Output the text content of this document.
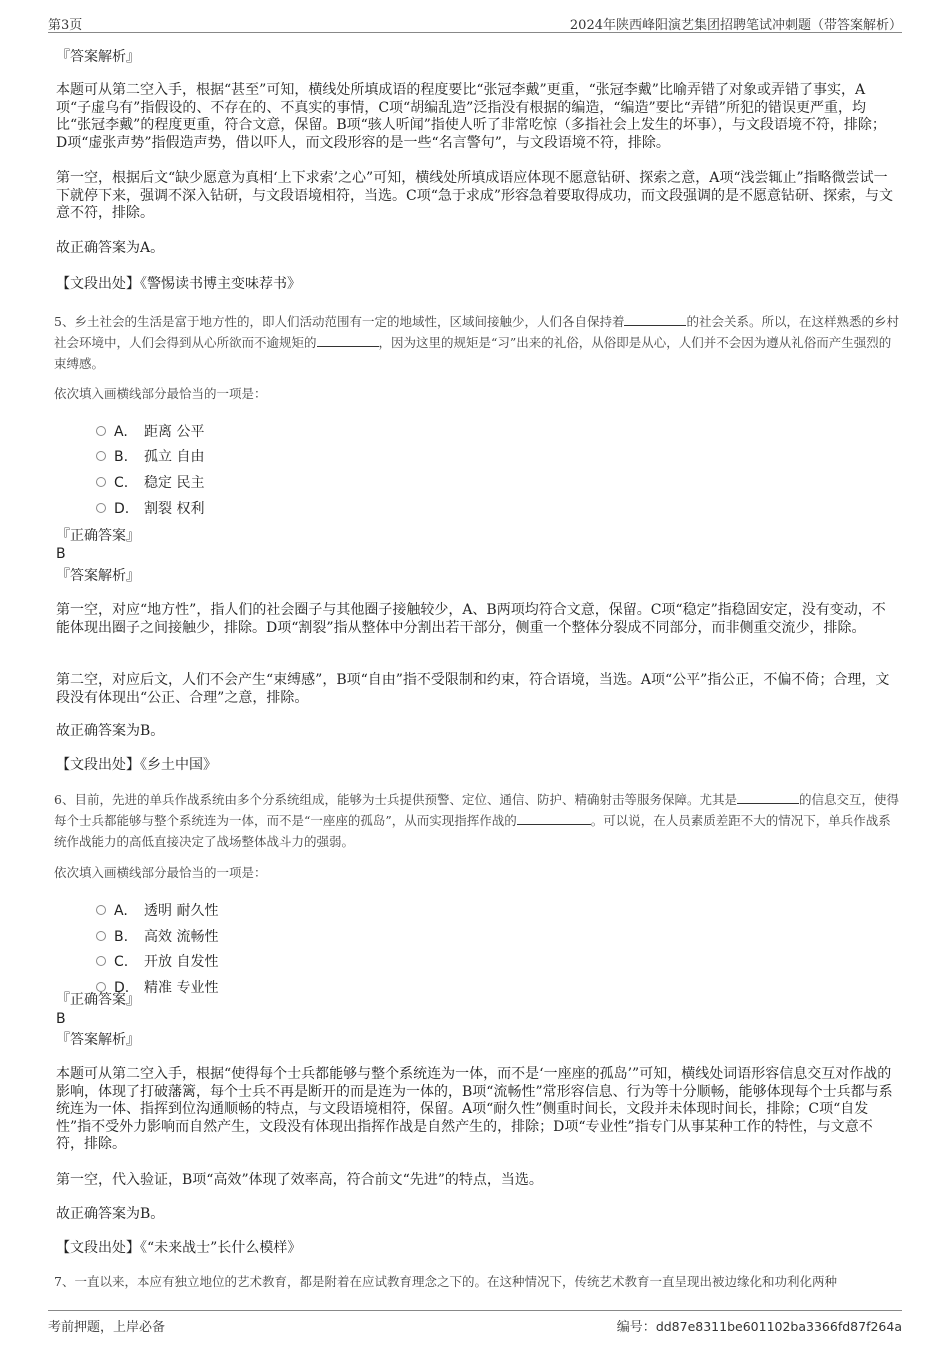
第3页	2024年陕西峰阳演艺集团招聘笔试冲刺题（带答案解析）
『答案解析』

本题可从第二空入手，根据“甚至”可知，横线处所填成语的程度要比“张冠李戴”更重，“张冠李戴”比喻弄错了对象或弄错了事实，A项“子虚乌有”指假设的、不存在的、不真实的事情，C项“胡编乱造”泛指没有根据的编造，“编造”要比“弄错”所犯的错误更严重，均比“张冠李戴”的程度更重，符合文意，保留。B项“骇人听闻”指使人听了非常吃惊（多指社会上发生的坏事），与文段语境不符，排除；D项“虚张声势”指假造声势，借以吓人，而文段形容的是一些“名言警句”，与文段语境不符，排除。

第一空，根据后文“缺少愿意为真相‘上下求索’之心”可知，横线处所填成语应体现不愿意钻研、探索之意，A项“浅尝辄止”指略微尝试一下就停下来，强调不深入钻研，与文段语境相符，当选。C项“急于求成”形容急着要取得成功，而文段强调的是不愿意钻研、探索，与文意不符，排除。

故正确答案为A。
【文段出处】《警惕读书博主变味荐书》
5、乡土社会的生活是富于地方性的，即人们活动范围有一定的地域性，区域间接触少，人们各自保持着	的社会关系。所以，在这样熟悉的乡村社会环境中，人们会得到从心所欲而不逾规矩的	，因为这里的规矩是“习”出来的礼俗，从俗即是从心，人们并不会因为遵从礼俗而产生强烈的束缚感。
依次填入画横线部分最恰当的一项是：
A. 距离 公平
B. 孤立 自由
C. 稳定 民主
D. 割裂 权利
『正确答案』
B
『答案解析』

第一空，对应“地方性”，指人们的社会圈子与其他圈子接触较少，A、B两项均符合文意，保留。C项“稳定”指稳固安定，没有变动，不能体现出圈子之间接触少，排除。D项“割裂”指从整体中分割出若干部分，侧重一个整体分裂成不同部分，而非侧重交流少，排除。

第二空，对应后文，人们不会产生“束缚感”，B项“自由”指不受限制和约束，符合语境，当选。A项“公平”指公正，不偏不倚；合理，文段没有体现出“公正、合理”之意，排除。

故正确答案为B。
【文段出处】《乡土中国》
6、目前，先进的单兵作战系统由多个分系统组成，能够为士兵提供预警、定位、通信、防护、精确射击等服务保障。尤其是	的信息交互，使得每个士兵都能够与整个系统连为一体，而不是“一座座的孤岛”，从而实现指挥作战的	。可以说，在人员素质差距不大的情况下，单兵作战系统作战能力的高低直接决定了战场整体战斗力的强弱。
依次填入画横线部分最恰当的一项是：
A. 透明 耐久性
B. 高效 流畅性
C. 开放 自发性
D. 精准 专业性
『正确答案』
B
『答案解析』

本题可从第二空入手，根据“使得每个士兵都能够与整个系统连为一体，而不是‘一座座的孤岛’”可知，横线处词语形容信息交互对作战的影响，体现了打破藩篱，每个士兵不再是断开的而是连为一体的，B项“流畅性”常形容信息、行为等十分顺畅，能够体现每个士兵都与系统连为一体、指挥到位沟通顺畅的特点，与文段语境相符，保留。A项“耐久性”侧重时间长，文段并未体现时间长，排除；C项“自发性”指不受外力影响而自然产生，文段没有体现出指挥作战是自然产生的，排除；D项“专业性”指专门从事某种工作的特性，与文意不符，排除。

第一空，代入验证，B项“高效”体现了效率高，符合前文“先进”的特点，当选。

故正确答案为B。
【文段出处】《“未来战士”长什么模样》
7、一直以来，本应有独立地位的艺术教育，都是附着在应试教育理念之下的。在这种情况下，传统艺术教育一直呈现出被边缘化和功利化两种
考前押题，上岸必备	编号：dd87e8311be601102ba3366fd87f264a
